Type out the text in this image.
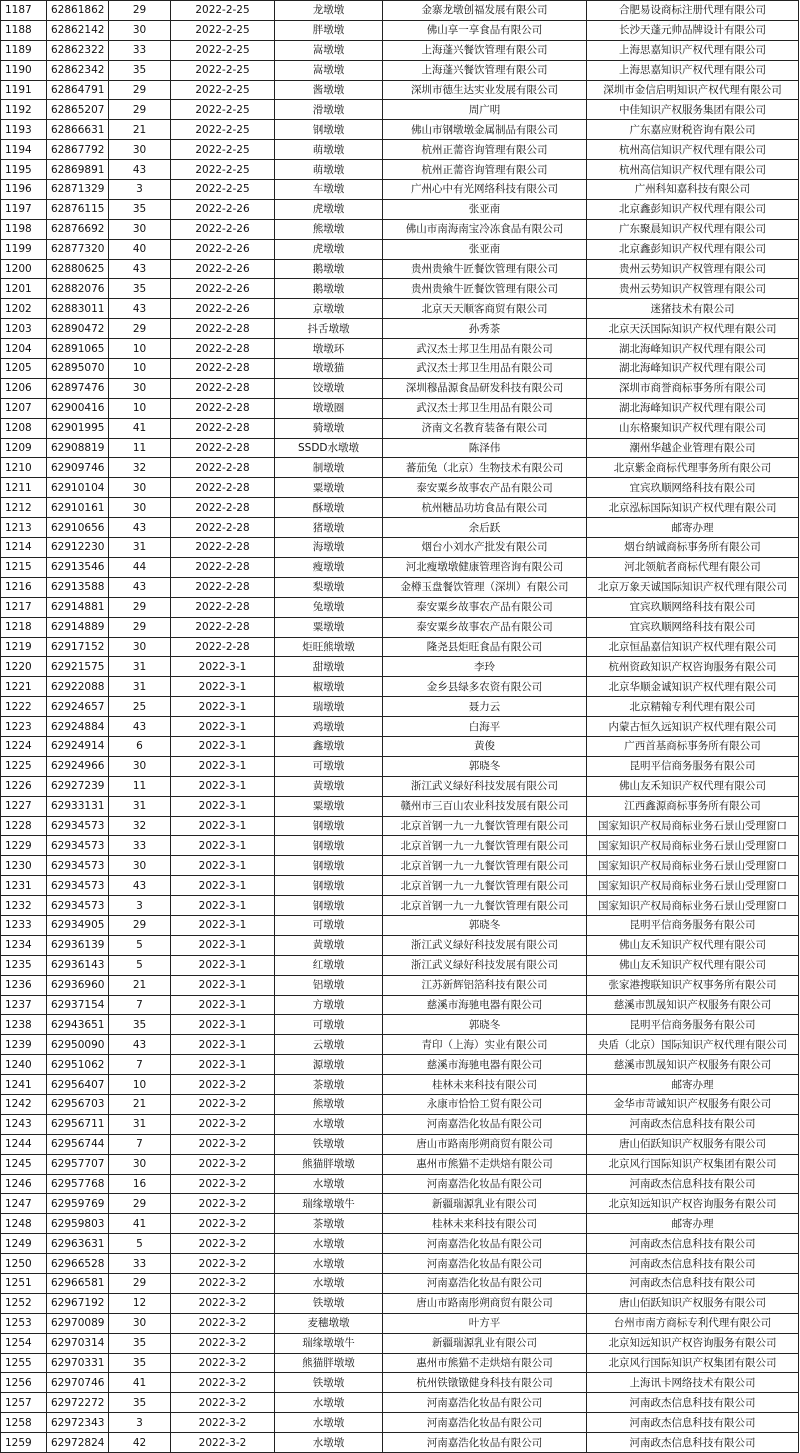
1187	62861862	29	2022-2-25	龙墩墩	金寨龙墩创福发展有限公司	合肥易设商标注册代理有限公司
1188	62862142	30	2022-2-25	胖墩墩	佛山享一享食品有限公司	长沙天蓬元帅品牌设计有限公司
1189	62862322	33	2022-2-25	嵩墩墩	上海蓬兴餐饮管理有限公司	上海思嘉知识产权代理有限公司
1190	62862342	35	2022-2-25	嵩墩墩	上海蓬兴餐饮管理有限公司	上海思嘉知识产权代理有限公司
1191	62864791	29	2022-2-25	酱墩墩	深圳市德生达实业发展有限公司	深圳市金信启明知识产权代理有限公司
1192	62865207	29	2022-2-25	滑墩墩	周广明	中佳知识产权服务集团有限公司
1193	62866631	21	2022-2-25	钢墩墩	佛山市钢墩墩金属制品有限公司	广东嘉应财税咨询有限公司
1194	62867792	30	2022-2-25	萌墩墩	杭州正薷咨询管理有限公司	杭州高信知识产权代理有限公司
1195	62869891	43	2022-2-25	萌墩墩	杭州正薷咨询管理有限公司	杭州高信知识产权代理有限公司
1196	62871329	3	2022-2-25	车墩墩	广州心中有光网络科技有限公司	广州科知嘉科技有限公司
1197	62876115	35	2022-2-26	虎墩墩	张亚南	北京鑫彭知识产权代理有限公司
1198	62876692	30	2022-2-26	熊墩墩	佛山市南海南宝冷冻食品有限公司	广东聚晨知识产权代理有限公司
1199	62877320	40	2022-2-26	虎墩墩	张亚南	北京鑫彭知识产权代理有限公司
1200	62880625	43	2022-2-26	鹅墩墩	贵州贵飨牛匠餐饮管理有限公司	贵州云势知识产权管理有限公司
1201	62882076	35	2022-2-26	鹅墩墩	贵州贵飨牛匠餐饮管理有限公司	贵州云势知识产权管理有限公司
1202	62883011	43	2022-2-26	京墩墩	北京天天顺客商贸有限公司	迷猪技术有限公司
1203	62890472	29	2022-2-28	抖舌墩墩	孙秀茶	北京天沃国际知识产权代理有限公司
1204	62891065	10	2022-2-28	墩墩环	武汉杰士邦卫生用品有限公司	湖北海峰知识产权代理有限公司
1205	62895070	10	2022-2-28	墩墩猫	武汉杰士邦卫生用品有限公司	湖北海峰知识产权代理有限公司
1206	62897476	30	2022-2-28	饺墩墩	深圳穆晶源食品研发科技有限公司	深圳市商誉商标事务所有限公司
1207	62900416	10	2022-2-28	墩墩圈	武汉杰士邦卫生用品有限公司	湖北海峰知识产权代理有限公司
1208	62901995	41	2022-2-28	骑墩墩	济南文名教育装备有限公司	山东格聚知识产权代理有限公司
1209	62908819	11	2022-2-28	SSDD水墩墩	陈泽伟	潮州华越企业管理有限公司
1210	62909746	32	2022-2-28	制墩墩	蕃茄兔（北京）生物技术有限公司	北京紫金商标代理事务所有限公司
1211	62910104	30	2022-2-28	粟墩墩	泰安粟乡故事农产品有限公司	宜宾玖顺网络科技有限公司
1212	62910161	30	2022-2-28	酥墩墩	杭州糖品功坊食品有限公司	北京泓标国际知识产权代理有限公司
1213	62910656	43	2022-2-28	猪墩墩	余后跃	邮寄办理
1214	62912230	31	2022-2-28	海墩墩	烟台小刘水产批发有限公司	烟台纳诚商标事务所有限公司
1215	62913546	44	2022-2-28	瘦墩墩	河北瘦墩墩健康管理咨询有限公司	河北领航者商标代理有限公司
1216	62913588	43	2022-2-28	梨墩墩	金樽玉盘餐饮管理（深圳）有限公司	北京万象天诚国际知识产权代理有限公司
1217	62914881	29	2022-2-28	兔墩墩	泰安粟乡故事农产品有限公司	宜宾玖顺网络科技有限公司
1218	62914889	29	2022-2-28	粟墩墩	泰安粟乡故事农产品有限公司	宜宾玖顺网络科技有限公司
1219	62917152	30	2022-2-28	炬旺熊墩墩	隆尧县炬旺食品有限公司	北京恒晶嘉信知识产权代理有限公司
1220	62921575	31	2022-3-1	甜墩墩	李玲	杭州资政知识产权咨询服务有限公司
1221	62922088	31	2022-3-1	椒墩墩	金乡县绿多农资有限公司	北京华顺金诚知识产权代理有限公司
1222	62924657	25	2022-3-1	瑞墩墩	聂力云	北京精翰专利代理有限公司
1223	62924884	43	2022-3-1	鸡墩墩	白海平	内蒙古恒久远知识产权代理有限公司
1224	62924914	6	2022-3-1	鑫墩墩	黄俊	广西首基商标事务所有限公司
1225	62924966	30	2022-3-1	可墩墩	郭晓冬	昆明平信商务服务有限公司
1226	62927239	11	2022-3-1	黄墩墩	浙江武义绿好科技发展有限公司	佛山友禾知识产权代理有限公司
1227	62933131	31	2022-3-1	粟墩墩	赣州市三百山农业科技发展有限公司	江西鑫源商标事务所有限公司
1228	62934573	32	2022-3-1	钢墩墩	北京首钢一九一九餐饮管理有限公司	国家知识产权局商标业务石景山受理窗口
1229	62934573	33	2022-3-1	钢墩墩	北京首钢一九一九餐饮管理有限公司	国家知识产权局商标业务石景山受理窗口
1230	62934573	30	2022-3-1	钢墩墩	北京首钢一九一九餐饮管理有限公司	国家知识产权局商标业务石景山受理窗口
1231	62934573	43	2022-3-1	钢墩墩	北京首钢一九一九餐饮管理有限公司	国家知识产权局商标业务石景山受理窗口
1232	62934573	3	2022-3-1	钢墩墩	北京首钢一九一九餐饮管理有限公司	国家知识产权局商标业务石景山受理窗口
1233	62934905	29	2022-3-1	可墩墩	郭晓冬	昆明平信商务服务有限公司
1234	62936139	5	2022-3-1	黄墩墩	浙江武义绿好科技发展有限公司	佛山友禾知识产权代理有限公司
1235	62936143	5	2022-3-1	红墩墩	浙江武义绿好科技发展有限公司	佛山友禾知识产权代理有限公司
1236	62936960	21	2022-3-1	铝墩墩	江苏新辉铝箔科技有限公司	张家港搜联知识产权事务所有限公司
1237	62937154	7	2022-3-1	方墩墩	慈溪市海驰电器有限公司	慈溪市凯晟知识产权服务有限公司
1238	62943651	35	2022-3-1	可墩墩	郭晓冬	昆明平信商务服务有限公司
1239	62950090	43	2022-3-1	云墩墩	青印（上海）实业有限公司	央盾（北京）国际知识产权代理有限公司
1240	62951062	7	2022-3-1	源墩墩	慈溪市海驰电器有限公司	慈溪市凯晟知识产权服务有限公司
1241	62956407	10	2022-3-2	茶墩墩	桂林未来科技有限公司	邮寄办理
1242	62956703	21	2022-3-2	熊墩墩	永康市恰恰工贸有限公司	金华市苛诚知识产权服务有限公司
1243	62956711	31	2022-3-2	水墩墩	河南嘉浩化妆品有限公司	河南政杰信息科技有限公司
1244	62956744	7	2022-3-2	铁墩墩	唐山市路南彤朔商贸有限公司	唐山佰跃知识产权服务有限公司
1245	62957707	30	2022-3-2	熊猫胖墩墩	惠州市熊猫不走烘焙有限公司	北京风行国际知识产权集团有限公司
1246	62957768	16	2022-3-2	水墩墩	河南嘉浩化妆品有限公司	河南政杰信息科技有限公司
1247	62959769	29	2022-3-2	瑞缘墩墩牛	新疆瑞源乳业有限公司	北京知远知识产权咨询服务有限公司
1248	62959803	41	2022-3-2	茶墩墩	桂林未来科技有限公司	邮寄办理
1249	62963631	5	2022-3-2	水墩墩	河南嘉浩化妆品有限公司	河南政杰信息科技有限公司
1250	62966528	33	2022-3-2	水墩墩	河南嘉浩化妆品有限公司	河南政杰信息科技有限公司
1251	62966581	29	2022-3-2	水墩墩	河南嘉浩化妆品有限公司	河南政杰信息科技有限公司
1252	62967192	12	2022-3-2	铁墩墩	唐山市路南彤朔商贸有限公司	唐山佰跃知识产权服务有限公司
1253	62970089	30	2022-3-2	麦穗墩墩	叶方平	台州市南方商标专利代理有限公司
1254	62970314	35	2022-3-2	瑞缘墩墩牛	新疆瑞源乳业有限公司	北京知远知识产权咨询服务有限公司
1255	62970331	35	2022-3-2	熊猫胖墩墩	惠州市熊猫不走烘焙有限公司	北京风行国际知识产权集团有限公司
1256	62970746	41	2022-3-2	铁墩墩	杭州铁镦镦健身科技有限公司	上海讯卡网络技术有限公司
1257	62972272	35	2022-3-2	水墩墩	河南嘉浩化妆品有限公司	河南政杰信息科技有限公司
1258	62972343	3	2022-3-2	水墩墩	河南嘉浩化妆品有限公司	河南政杰信息科技有限公司
1259	62972824	42	2022-3-2	水墩墩	河南嘉浩化妆品有限公司	河南政杰信息科技有限公司
